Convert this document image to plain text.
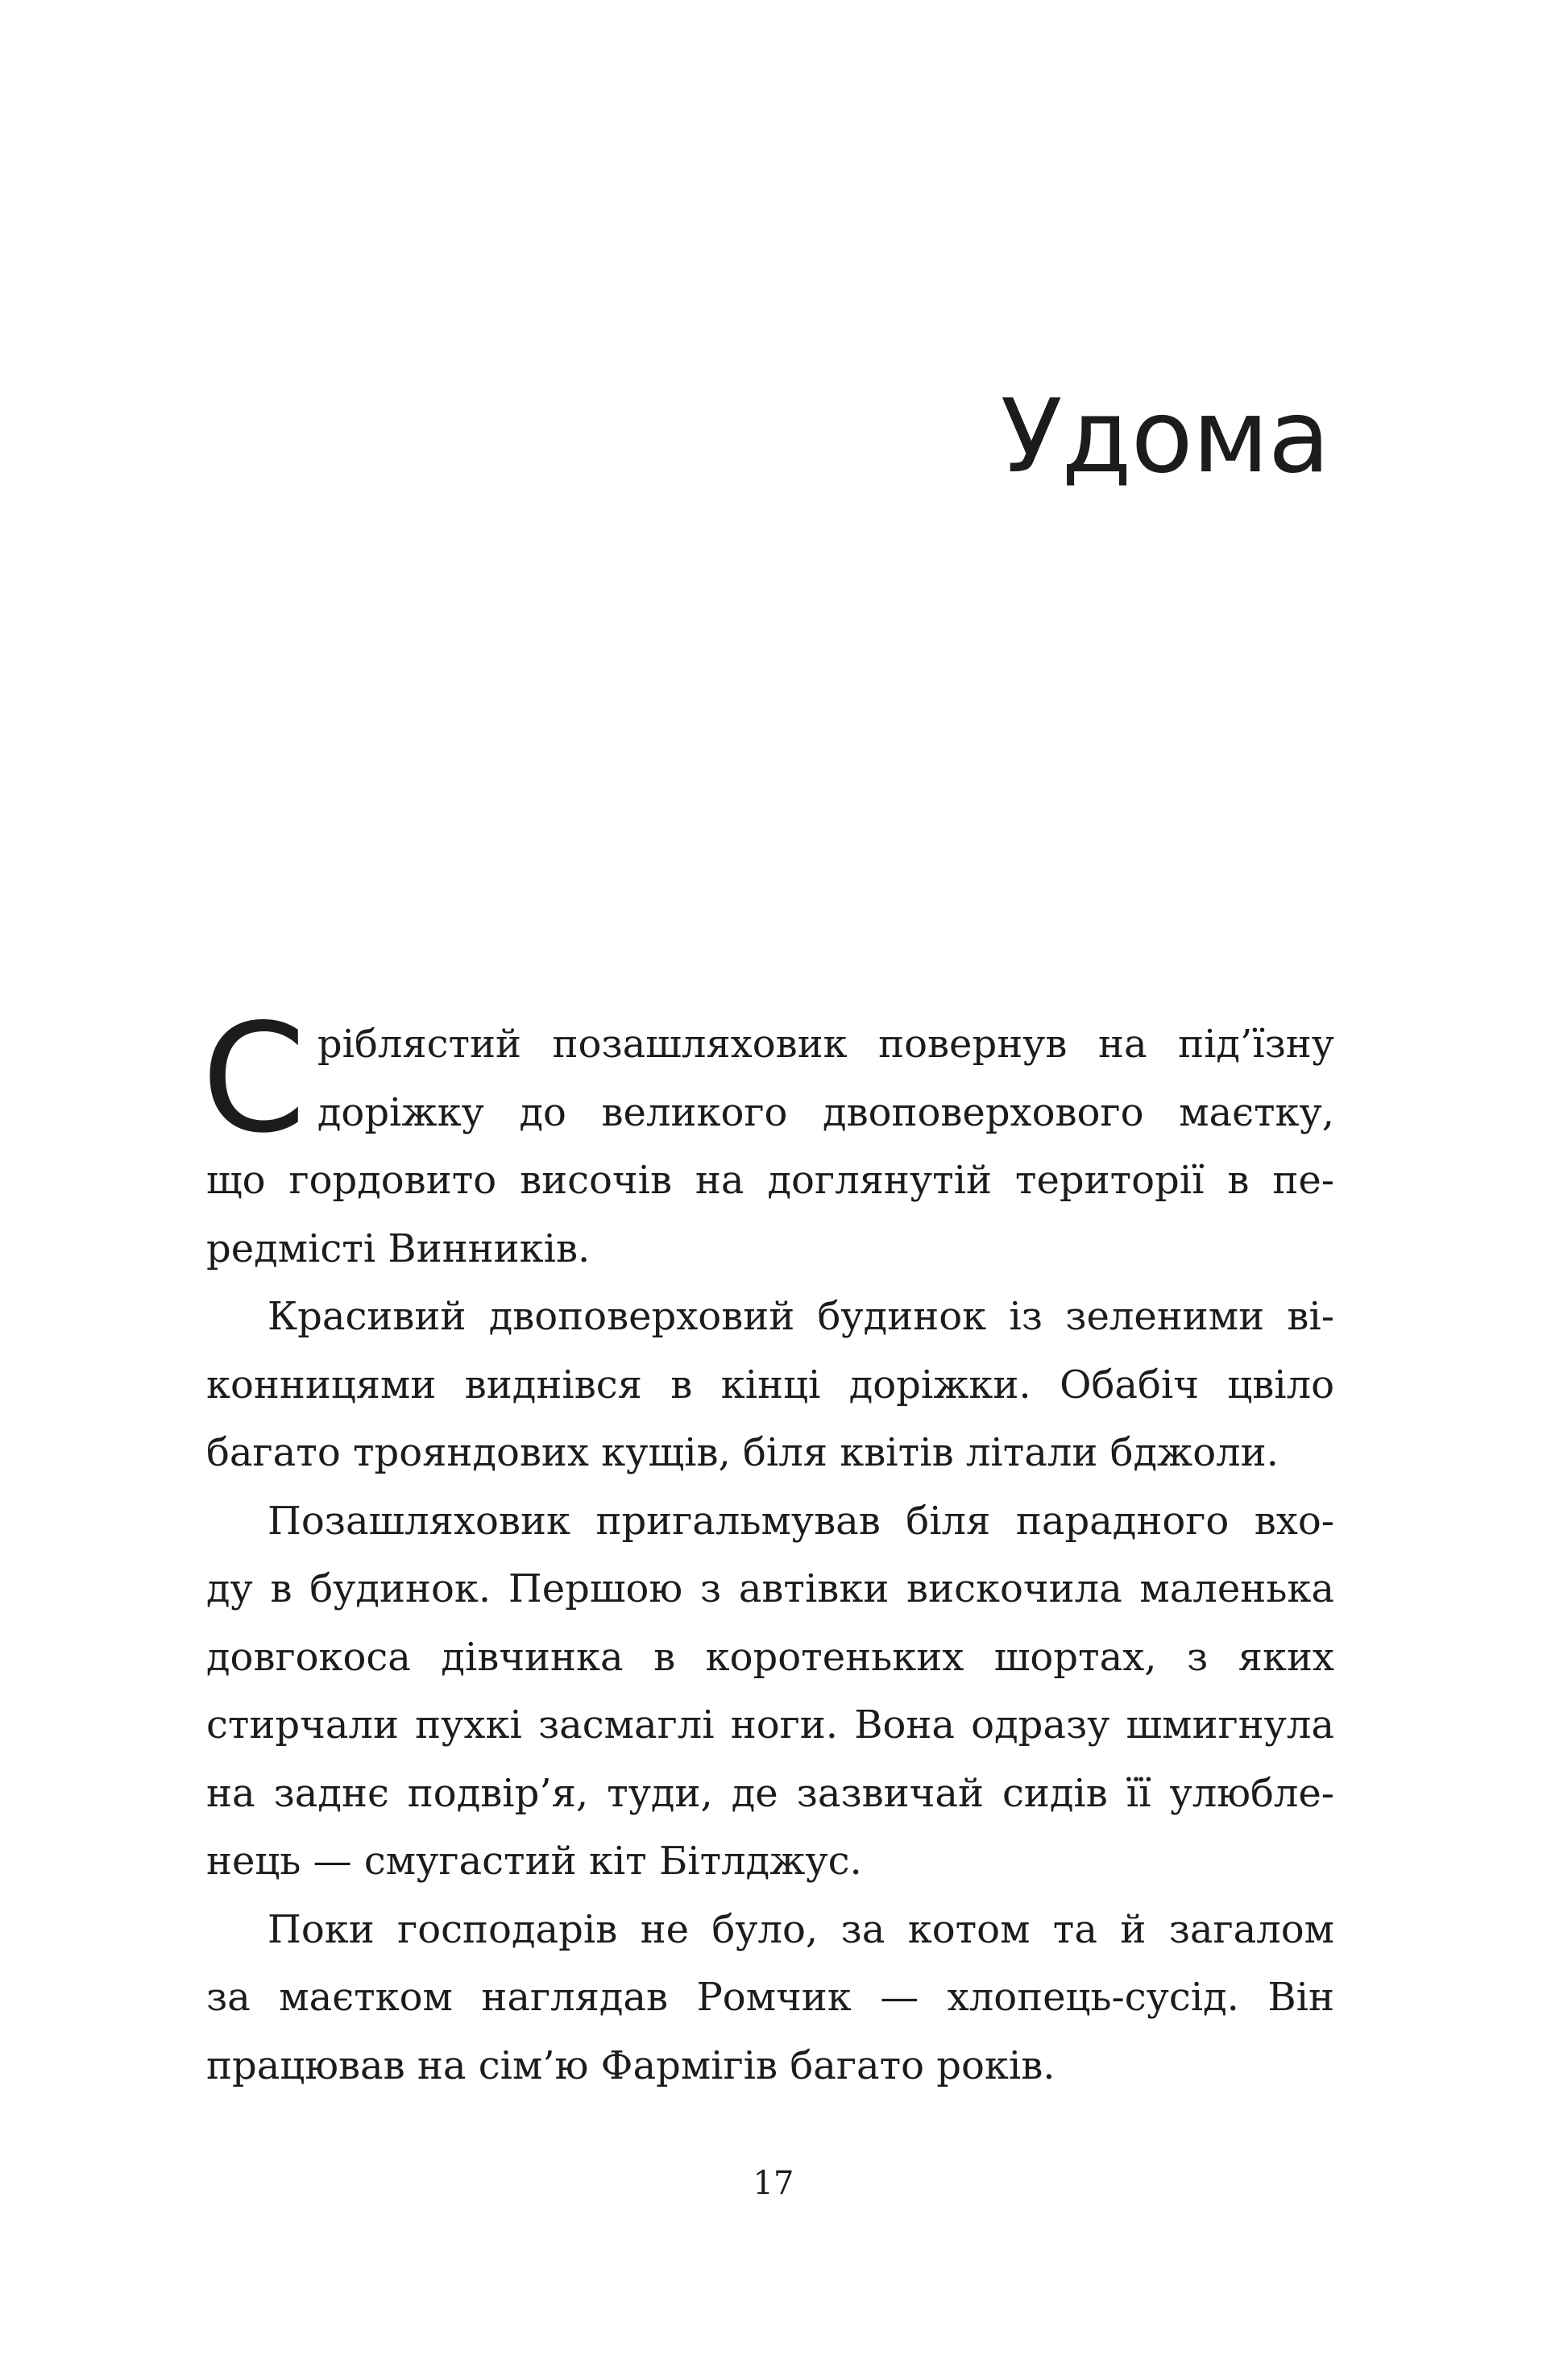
Удома
С ріблястий позашляховик повернув на під’їзну
доріжку до великого двоповерхового маєтку,
що гордовито височів на доглянутій території в пе-
редмісті Винників.
Красивий двоповерховий будинок із зеленими ві-
конницями виднівся в кінці доріжки. Обабіч цвіло
багато трояндових кущів, біля квітів літали бджоли.
Позашляховик пригальмував біля парадного вхо-
ду в будинок. Першою з автівки вискочила маленька
довгокоса дівчинка в коротеньких шортах, з яких
стирчали пухкі засмаглі ноги. Вона одразу шмигнула
на заднє подвір’я, туди, де зазвичай сидів її улюбле-
нець — смугастий кіт Бітлджус.
Поки господарів не було, за котом та й загалом
за маєтком наглядав Ромчик — хлопець-сусід. Він
працював на сім’ю Фармігів багато років.
17
